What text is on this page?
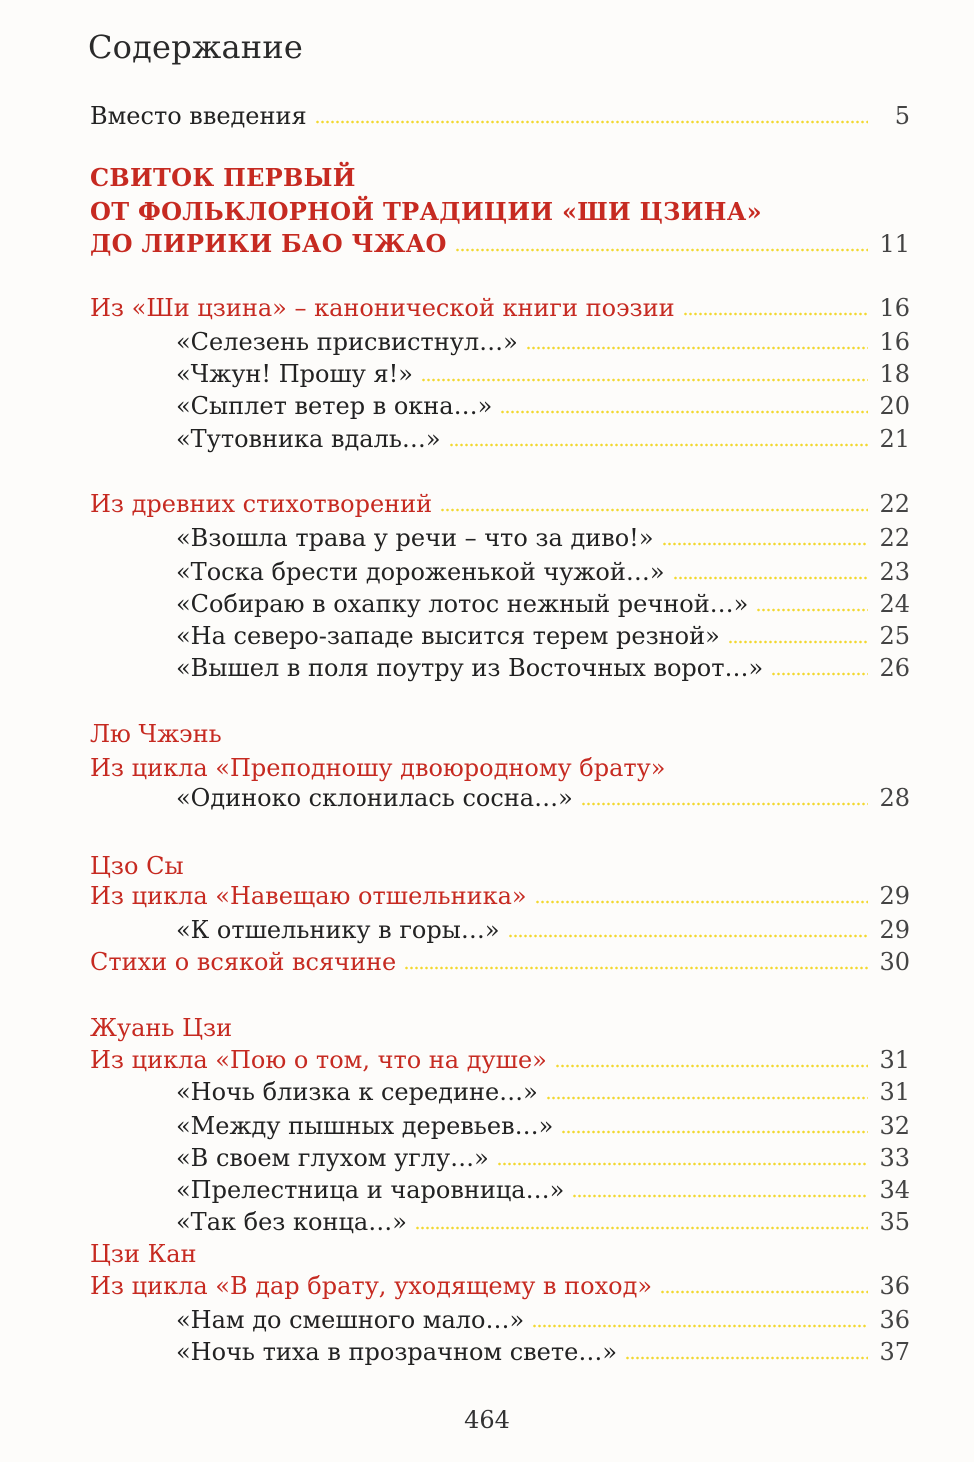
Содержание
Вместо введения	5
СВИТОК ПЕРВЫЙ
ОТ ФОЛЬКЛОРНОЙ ТРАДИЦИИ «ШИ ЦЗИНА»
ДО ЛИРИКИ БАО ЧЖАО	11
Из «Ши цзина» – канонической книги поэзии	16
«Селезень присвистнул…»	16
«Чжун! Прошу я!»	18
«Сыплет ветер в окна…»	20
«Тутовника вдаль…»	21
Из древних стихотворений	22
«Взошла трава у речи – что за диво!»	22
«Тоска брести дороженькой чужой…»	23
«Собираю в охапку лотос нежный речной…»	24
«На северо-западе высится терем резной»	25
«Вышел в поля поутру из Восточных ворот…»	26
Лю Чжэнь
Из цикла «Преподношу двоюродному брату»
«Одиноко склонилась сосна…»	28
Цзо Сы
Из цикла «Навещаю отшельника»	29
«К отшельнику в горы…»	29
Стихи о всякой всячине	30
Жуань Цзи
Из цикла «Пою о том, что на душе»	31
«Ночь близка к середине…»	31
«Между пышных деревьев…»	32
«В своем глухом углу…»	33
«Прелестница и чаровница…»	34
«Так без конца…»	35
Цзи Кан
Из цикла «В дар брату, уходящему в поход»	36
«Нам до смешного мало…»	36
«Ночь тиха в прозрачном свете…»	37
464
